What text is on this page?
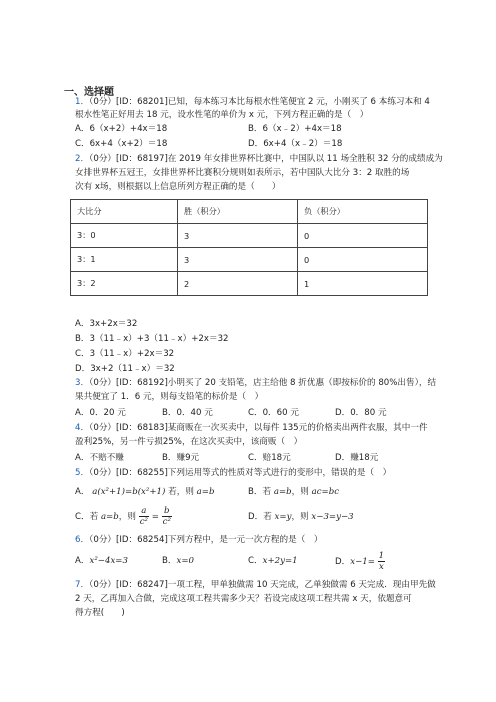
一、选择题
1．（0分）[ID：68201]已知，每本练习本比每根水性笔便宜 2 元，小刚买了 6 本练习本和 4
根水性笔正好用去 18 元，设水性笔的单价为 x 元，下列方程正确的是（　）
A．6（x+2）+4x＝18	B．6（x﹣2）+4x＝18
C．6x+4（x+2）＝18	D．6x+4（x﹣2）＝18
2．（0分）[ID：68197]在 2019 年女排世界杯比赛中，中国队以 11 场全胜积 32 分的成绩成为
女排世界杯五冠王，女排世界杯比赛积分规则如表所示，若中国队大比分 3：2 取胜的场
次有 x场，则根据以上信息所列方程正确的是（　　）
大比分	胜（积分）	负（积分）
3：0	3	0
3：1	3	0
3：2	2	1
A．3x+2x＝32
B．3（11﹣x）+3（11﹣x）+2x＝32
C．3（11﹣x）+2x＝32
D．3x+2（11﹣x）＝32
3．（0分）[ID：68192]小明买了 20 支铅笔，店主给他 8 折优惠（即按标价的 80%出售），结
果共便宜了 1．6 元，则每支铅笔的标价是（　）
A．0．20 元	B．0．40 元	C．0．60 元	D．0．80 元
4．（0分）[ID：68183]某商贩在一次买卖中，以每件 135元的价格卖出两件衣服，其中一件
盈利25%，另一件亏损25%，在这次买卖中，该商贩（　）
A．不赔不赚	B．赚9元	C．赔18元	D．赚18元
5．（0分）[ID：68255]下列运用等式的性质对等式进行的变形中，错误的是（　）
A． a(x²+1)=b(x²+1) 若，则 a=b	B．若 a=b，则 ac=bc
C．若 a=b，则 $\frac{a}{\text{c²}} = \frac{b}{\text{c²}}$	D．若 x=y，则 x−3=y−3
6．（0分）[ID：68254]下列方程中，是一元一次方程的是（　）
A．x²−4x=3	B．x=0	C．x+2y=1	D．$x-1= \frac{1}{x}$
7．（0分）[ID：68247]一项工程，甲单独做需 10 天完成，乙单独做需 6 天完成．现由甲先做
2 天，乙再加入合做，完成这项工程共需多少天？若设完成这项工程共需 x 天，依题意可
得方程(　　)
